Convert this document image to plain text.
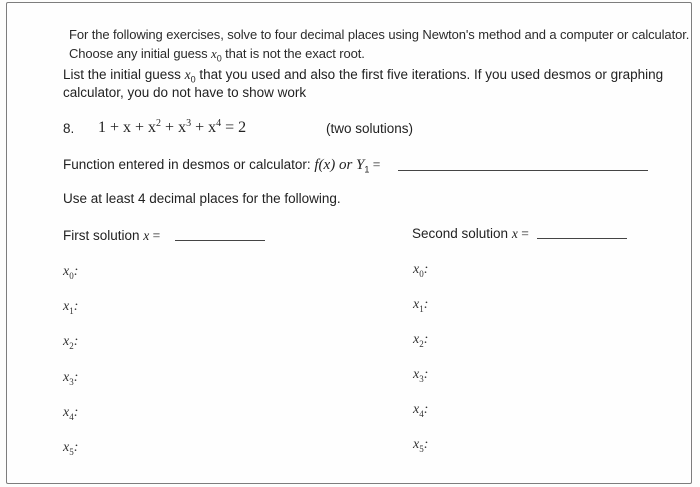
For the following exercises, solve to four decimal places using Newton's method and a computer or calculator.
Choose any initial guess $x_0$ that is not the exact root.
List the initial guess $x_0$ that you used and also the first five iterations. If you used desmos or graphing
calculator, you do not have to show work
8. $1 + x + x^2 + x^3 + x^4 = 2$	(two solutions)
Function entered in desmos or calculator: f(x) or $Y_1$ =
Use at least 4 decimal places for the following.
First solution x =	Second solution x =
$x_0$:
$x_1$:
$x_2$:
$x_3$:
$x_4$:
$x_5$:
$x_0$:
$x_1$:
$x_2$:
$x_3$:
$x_4$:
$x_5$:
